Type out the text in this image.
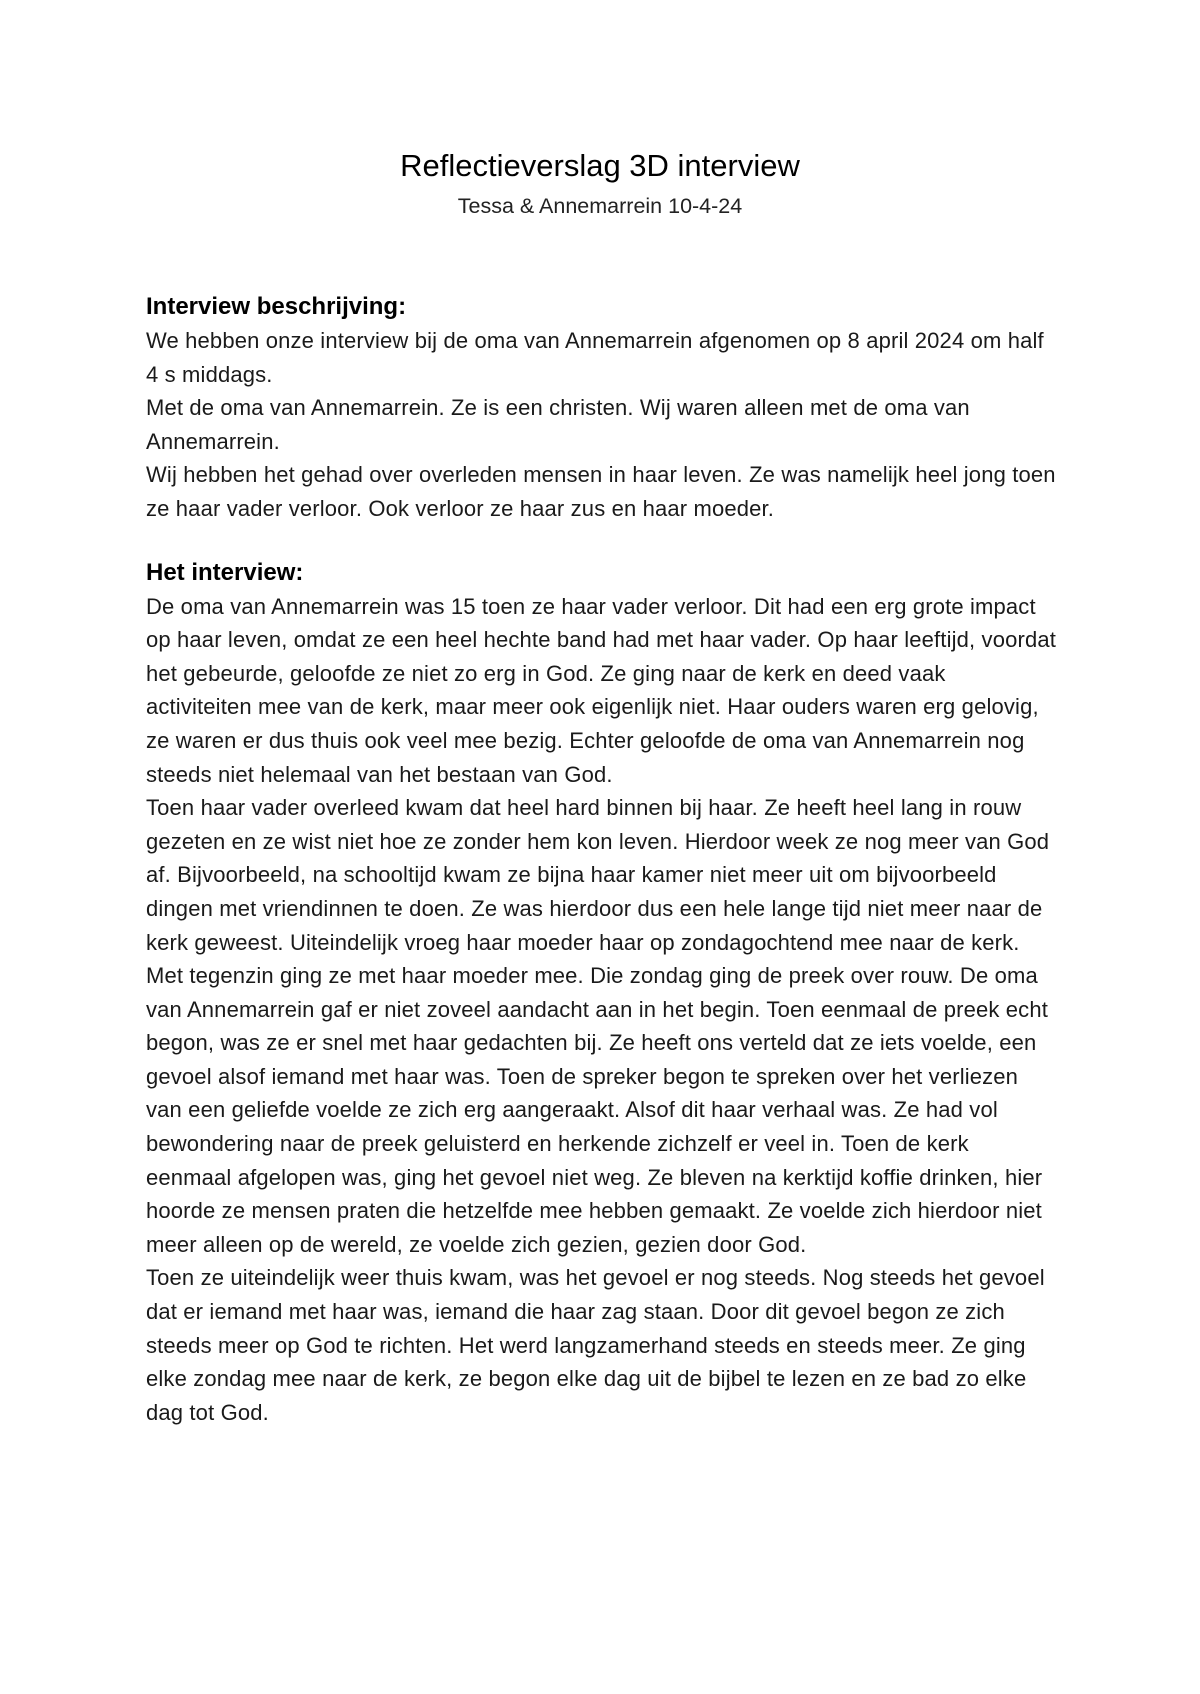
Reflectieverslag 3D interview

Tessa & Annemarrein 10-4-24

Interview beschrijving:

We hebben onze interview bij de oma van Annemarrein afgenomen op 8 april 2024 om half 4 s middags.

Met de oma van Annemarrein. Ze is een christen. Wij waren alleen met de oma van Annemarrein.

Wij hebben het gehad over overleden mensen in haar leven. Ze was namelijk heel jong toen ze haar vader verloor. Ook verloor ze haar zus en haar moeder.

Het interview:

De oma van Annemarrein was 15 toen ze haar vader verloor. Dit had een erg grote impact op haar leven, omdat ze een heel hechte band had met haar vader. Op haar leeftijd, voordat het gebeurde, geloofde ze niet zo erg in God. Ze ging naar de kerk en deed vaak activiteiten mee van de kerk, maar meer ook eigenlijk niet. Haar ouders waren erg gelovig, ze waren er dus thuis ook veel mee bezig. Echter geloofde de oma van Annemarrein nog steeds niet helemaal van het bestaan van God.

Toen haar vader overleed kwam dat heel hard binnen bij haar. Ze heeft heel lang in rouw gezeten en ze wist niet hoe ze zonder hem kon leven. Hierdoor week ze nog meer van God af. Bijvoorbeeld, na schooltijd kwam ze bijna haar kamer niet meer uit om bijvoorbeeld dingen met vriendinnen te doen. Ze was hierdoor dus een hele lange tijd niet meer naar de kerk geweest. Uiteindelijk vroeg haar moeder haar op zondagochtend mee naar de kerk. Met tegenzin ging ze met haar moeder mee. Die zondag ging de preek over rouw. De oma van Annemarrein gaf er niet zoveel aandacht aan in het begin. Toen eenmaal de preek echt begon, was ze er snel met haar gedachten bij. Ze heeft ons verteld dat ze iets voelde, een gevoel alsof iemand met haar was. Toen de spreker begon te spreken over het verliezen van een geliefde voelde ze zich erg aangeraakt. Alsof dit haar verhaal was. Ze had vol bewondering naar de preek geluisterd en herkende zichzelf er veel in. Toen de kerk eenmaal afgelopen was, ging het gevoel niet weg. Ze bleven na kerktijd koffie drinken, hier hoorde ze mensen praten die hetzelfde mee hebben gemaakt. Ze voelde zich hierdoor niet meer alleen op de wereld, ze voelde zich gezien, gezien door God.

Toen ze uiteindelijk weer thuis kwam, was het gevoel er nog steeds. Nog steeds het gevoel dat er iemand met haar was, iemand die haar zag staan. Door dit gevoel begon ze zich steeds meer op God te richten. Het werd langzamerhand steeds en steeds meer. Ze ging elke zondag mee naar de kerk, ze begon elke dag uit de bijbel te lezen en ze bad zo elke dag tot God.
